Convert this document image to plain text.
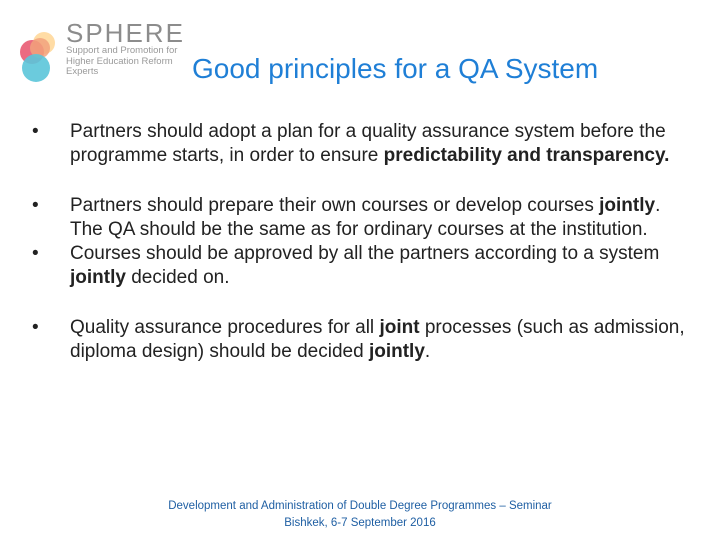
SPHERE
Support and Promotion for Higher Education Reform Experts	Good principles for a QA System
• Partners should adopt a plan for a quality assurance system before the programme starts, in order to ensure predictability and transparency.
• Partners should prepare their own courses or develop courses jointly. The QA should be the same as for ordinary courses at the institution.
• Courses should be approved by all the partners according to a system jointly decided on.
• Quality assurance procedures for all joint processes (such as admission, diploma design) should be decided jointly.
Development and Administration of Double Degree Programmes – Seminar
Bishkek, 6-7 September 2016
